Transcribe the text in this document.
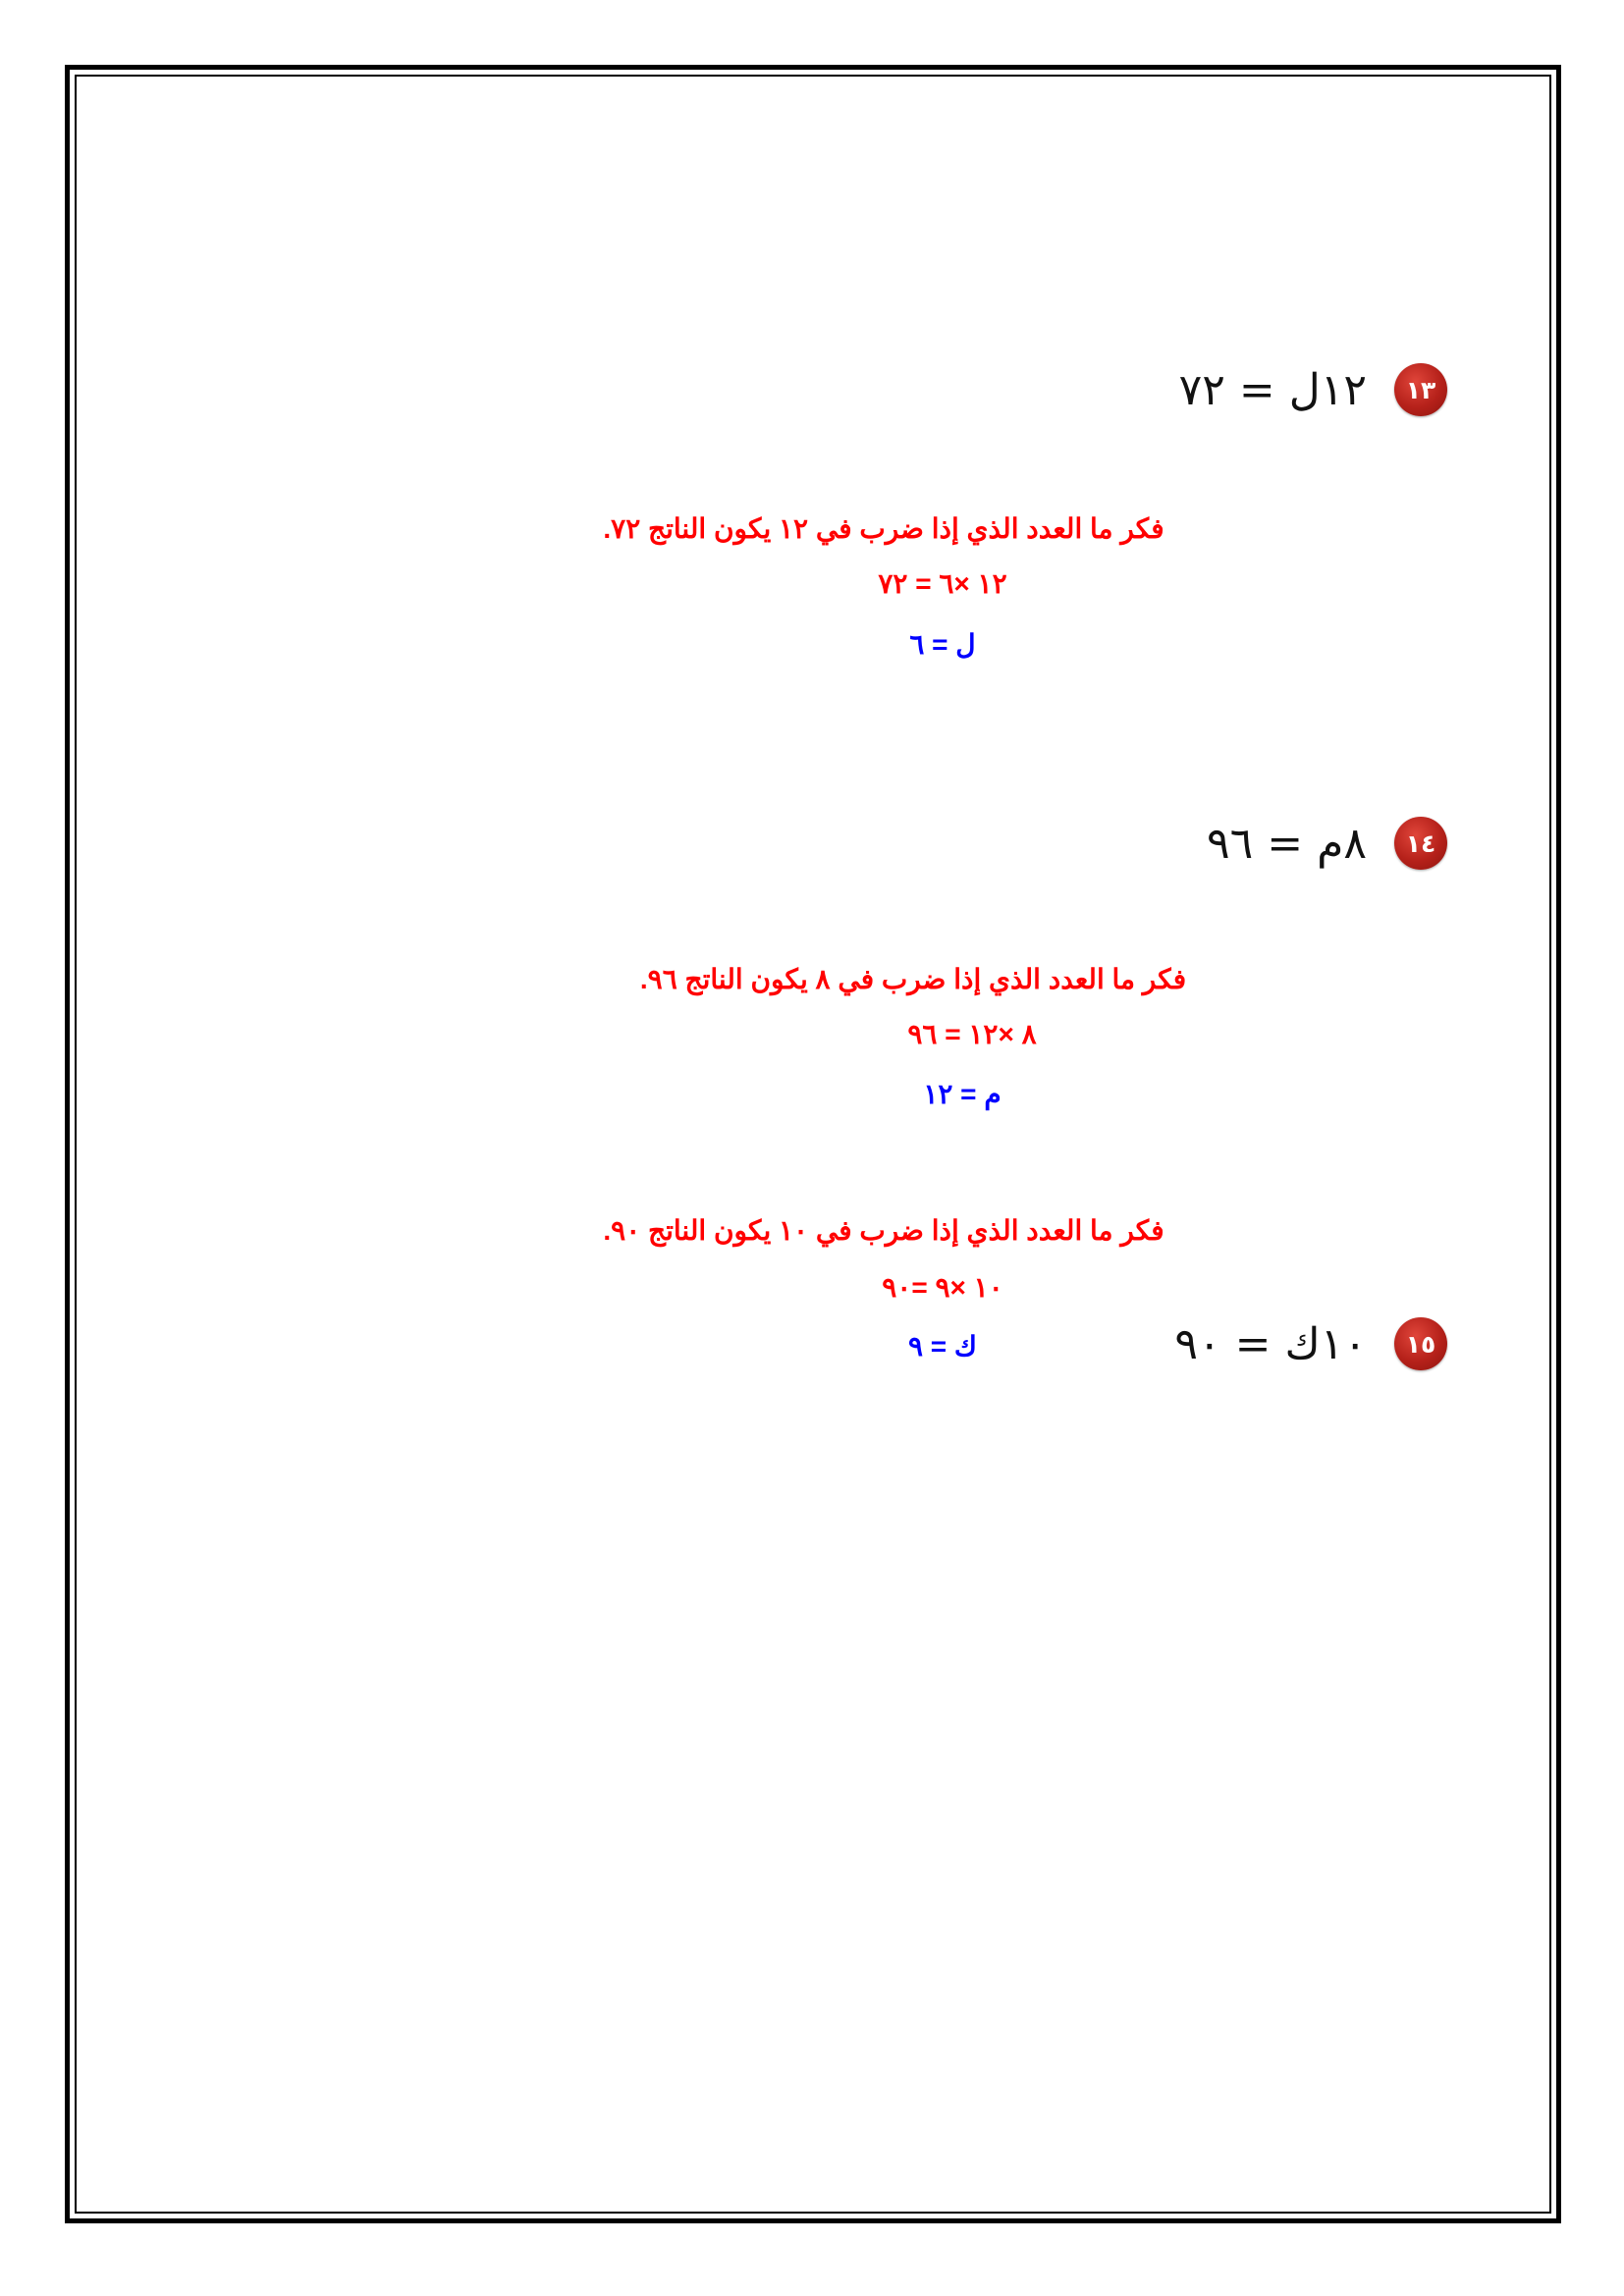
١٣
١٢ل = ٧٢
فكر ما العدد الذي إذا ضرب في ١٢ يكون الناتج ٧٢.
١٢ ×٦ = ٧٢
ل = ٦
١٤
٨م = ٩٦
فكر ما العدد الذي إذا ضرب في ٨ يكون الناتج ٩٦.
٨ ×١٢ = ٩٦
م = ١٢
١٥
١٠ك = ٩٠
فكر ما العدد الذي إذا ضرب في ١٠ يكون الناتج ٩٠.
١٠ ×٩ =٩٠
ك = ٩
